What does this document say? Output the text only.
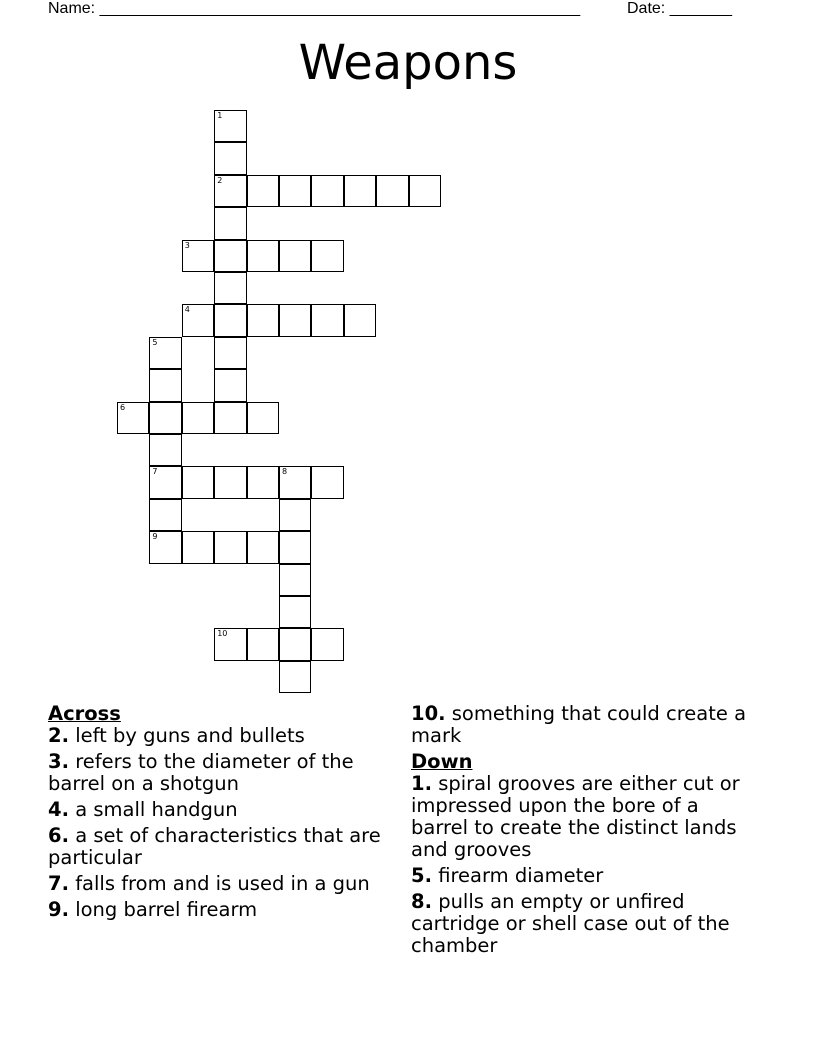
Name: ______________________________________________________	Date: _______
Weapons
1
2
3
4
5
6
7	8
9
10

Across

2. left by guns and bullets

3. refers to the diameter of the barrel on a shotgun

4. a small handgun

6. a set of characteristics that are particular

7. falls from and is used in a gun

9. long barrel firearm

10. something that could create a mark

Down

1. spiral grooves are either cut or impressed upon the bore of a barrel to create the distinct lands and grooves

5. firearm diameter

8. pulls an empty or unfired cartridge or shell case out of the chamber
